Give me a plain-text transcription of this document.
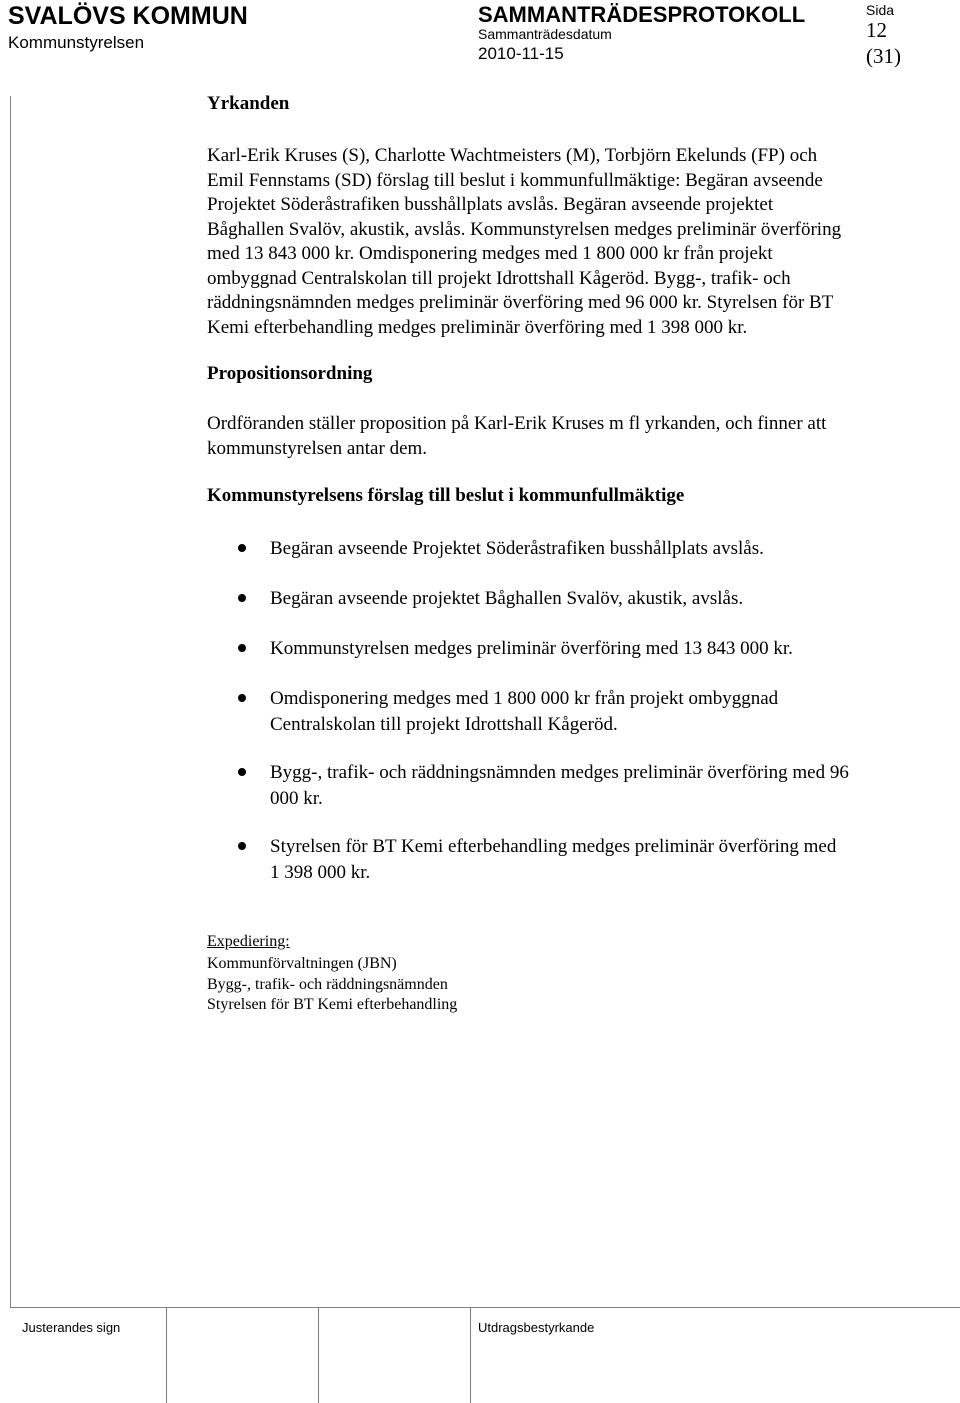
SVALÖVS KOMMUN
Kommunstyrelsen
SAMMANTRÄDESPROTOKOLL
Sammanträdesdatum
2010-11-15
Sida
12
(31)
Yrkanden
Karl-Erik Kruses (S), Charlotte Wachtmeisters (M), Torbjörn Ekelunds (FP) och
Emil Fennstams (SD) förslag till beslut i kommunfullmäktige: Begäran avseende
Projektet Söderåstrafiken busshållplats avslås. Begäran avseende projektet
Båghallen Svalöv, akustik, avslås. Kommunstyrelsen medges preliminär överföring
med 13 843 000 kr. Omdisponering medges med 1 800 000 kr från projekt
ombyggnad Centralskolan till projekt Idrottshall Kågeröd. Bygg-, trafik- och
räddningsnämnden medges preliminär överföring med 96 000 kr. Styrelsen för BT
Kemi efterbehandling medges preliminär överföring med 1 398 000 kr.
Propositionsordning
Ordföranden ställer proposition på Karl-Erik Kruses m fl yrkanden, och finner att
kommunstyrelsen antar dem.
Kommunstyrelsens förslag till beslut i kommunfullmäktige
Begäran avseende Projektet Söderåstrafiken busshållplats avslås.
Begäran avseende projektet Båghallen Svalöv, akustik, avslås.
Kommunstyrelsen medges preliminär överföring med 13 843 000 kr.
Omdisponering medges med 1 800 000 kr från projekt ombyggnad
Centralskolan till projekt Idrottshall Kågeröd.
Bygg-, trafik- och räddningsnämnden medges preliminär överföring med 96
000 kr.
Styrelsen för BT Kemi efterbehandling medges preliminär överföring med
1 398 000 kr.
Expediering:
Kommunförvaltningen (JBN)
Bygg-, trafik- och räddningsnämnden
Styrelsen för BT Kemi efterbehandling
Justerandes sign	Utdragsbestyrkande
